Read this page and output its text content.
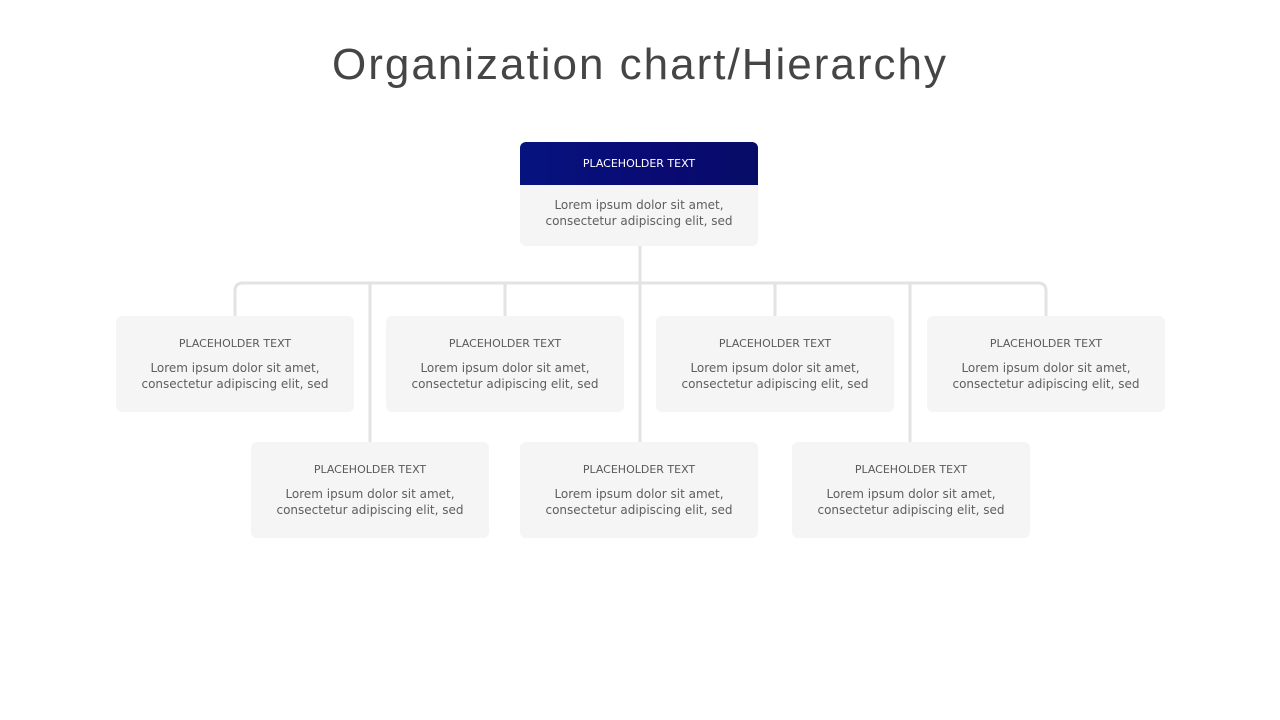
Organization chart/Hierarchy
PLACEHOLDER TEXT
Lorem ipsum dolor sit amet,
consectetur adipiscing elit, sed
PLACEHOLDER TEXT
Lorem ipsum dolor sit amet,
consectetur adipiscing elit, sed
PLACEHOLDER TEXT
Lorem ipsum dolor sit amet,
consectetur adipiscing elit, sed
PLACEHOLDER TEXT
Lorem ipsum dolor sit amet,
consectetur adipiscing elit, sed
PLACEHOLDER TEXT
Lorem ipsum dolor sit amet,
consectetur adipiscing elit, sed
PLACEHOLDER TEXT
Lorem ipsum dolor sit amet,
consectetur adipiscing elit, sed
PLACEHOLDER TEXT
Lorem ipsum dolor sit amet,
consectetur adipiscing elit, sed
PLACEHOLDER TEXT
Lorem ipsum dolor sit amet,
consectetur adipiscing elit, sed
